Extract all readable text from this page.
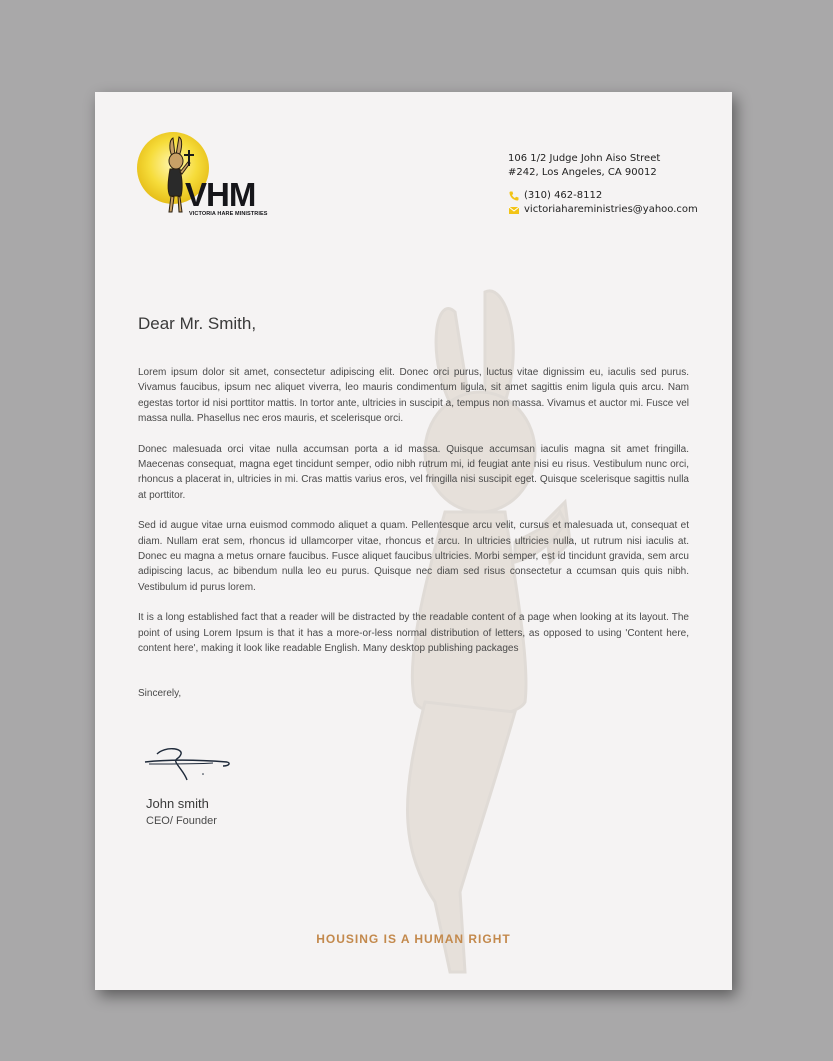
VHM
VICTORIA HARE MINISTRIES
106 1/2 Judge John Aiso Street
#242, Los Angeles, CA 90012
(310) 462-8112
victoriahareministries@yahoo.com
Dear Mr. Smith,

Lorem ipsum dolor sit amet, consectetur adipiscing elit. Donec orci purus, luctus vitae dignissim eu, iaculis sed purus. Vivamus faucibus, ipsum nec aliquet viverra, leo mauris condimentum ligula, sit amet sagittis enim ligula quis arcu. Nam egestas tortor id nisi porttitor mattis. In tortor ante, ultricies in suscipit a, tempus non massa. Vivamus et auctor mi. Fusce vel massa nulla. Phasellus nec eros mauris, et scelerisque orci.

Donec malesuada orci vitae nulla accumsan porta a id massa. Quisque accumsan iaculis magna sit amet fringilla. Maecenas consequat, magna eget tincidunt semper, odio nibh rutrum mi, id feugiat ante nisi eu risus. Vestibulum nunc orci, rhoncus a placerat in, ultricies in mi. Cras mattis varius eros, vel fringilla nisi suscipit eget. Quisque scelerisque sagittis nulla at porttitor.

Sed id augue vitae urna euismod commodo aliquet a quam. Pellentesque arcu velit, cursus et malesuada ut, consequat et diam. Nullam erat sem, rhoncus id ullamcorper vitae, rhoncus et arcu. In ultricies ultricies nulla, ut rutrum nisi iaculis at. Donec eu magna a metus ornare faucibus. Fusce aliquet faucibus ultricies. Morbi semper, est id tincidunt gravida, sem arcu adipiscing lacus, ac bibendum nulla leo eu purus. Quisque nec diam sed risus consectetur a ccumsan quis quis nibh. Vestibulum id purus lorem.

It is a long established fact that a reader will be distracted by the readable content of a page when looking at its layout. The point of using Lorem Ipsum is that it has a more-or-less normal distribution of letters, as opposed to using 'Content here, content here', making it look like readable English. Many desktop publishing packages

Sincerely,
John smith
CEO/ Founder
HOUSING IS A HUMAN RIGHT
